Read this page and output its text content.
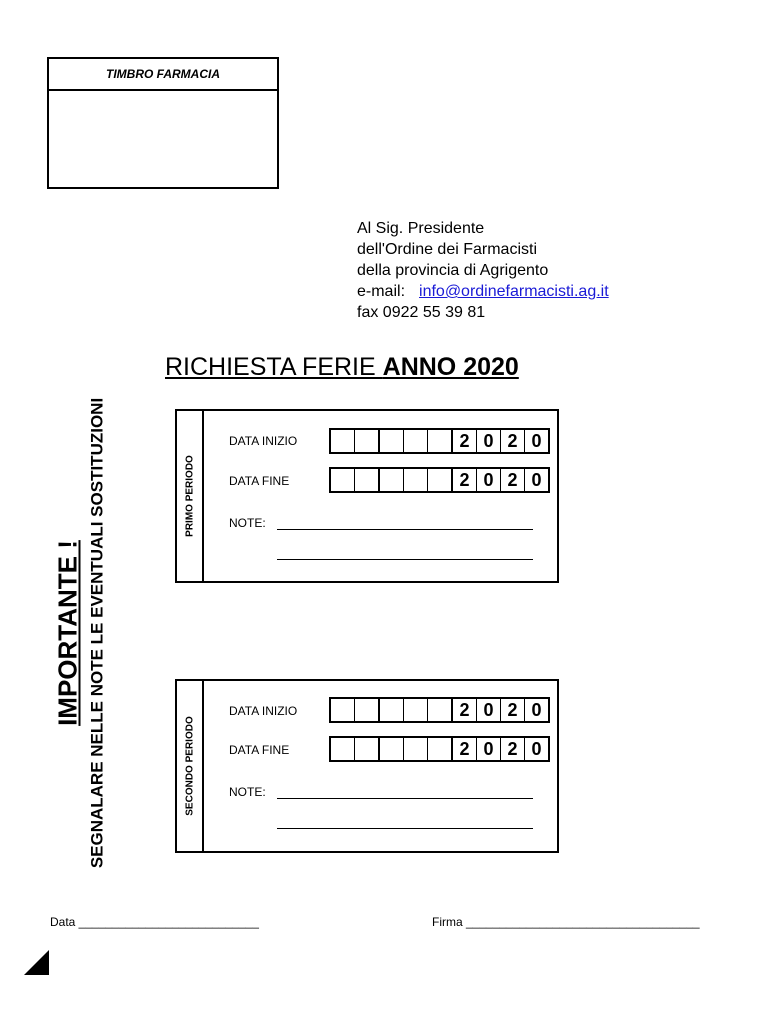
TIMBRO FARMACIA
Al Sig. Presidente
dell'Ordine dei Farmacisti
della provincia di Agrigento
e-mail: info@ordinefarmacisti.ag.it
fax 0922 55 39 81
RICHIESTA FERIE ANNO 2020
IMPORTANTE ! SEGNALARE NELLE NOTE LE EVENTUALI SOSTITUZIONI	PRIMO PERIODO
DATA INIZIO	2 0 2 0
DATA FINE	2 0 2 0
NOTE:
SECONDO PERIODO
DATA INIZIO	2 0 2 0
DATA FINE	2 0 2 0
NOTE:
Data ___________________________	Firma ___________________________________
